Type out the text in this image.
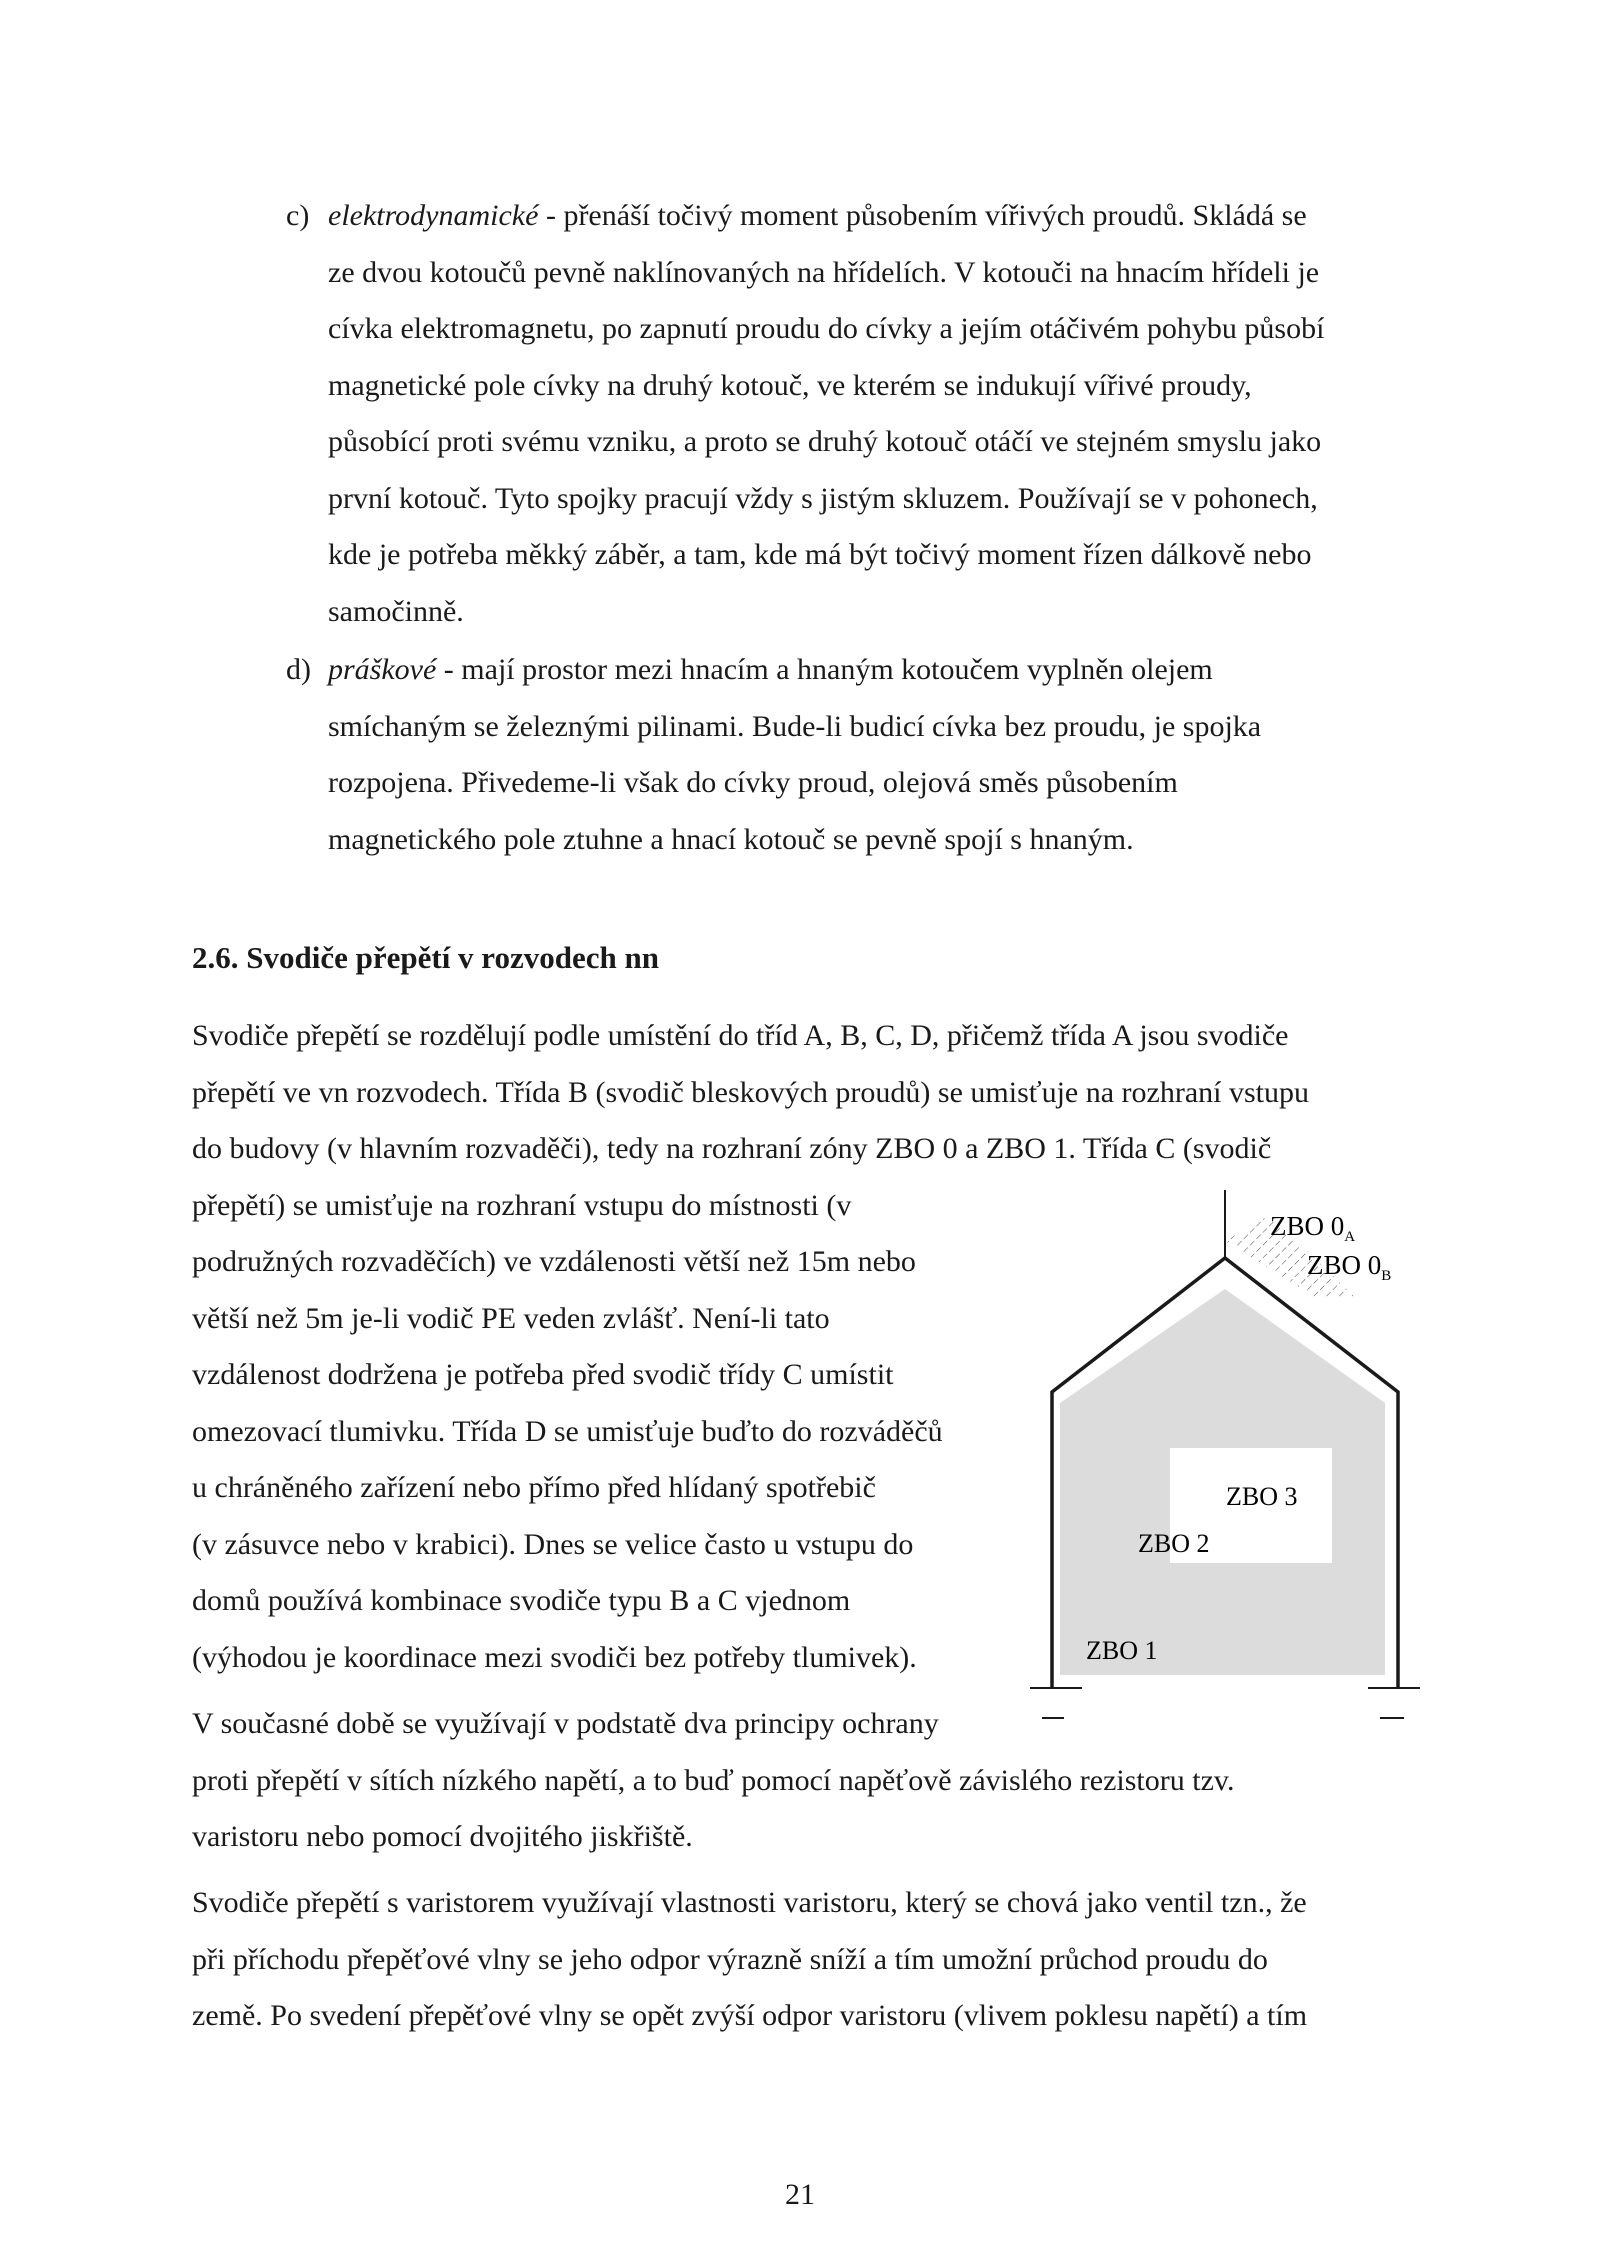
c) elektrodynamické - přenáší točivý moment působením vířivých proudů. Skládá se
ze dvou kotoučů pevně naklínovaných na hřídelích. V kotouči na hnacím hřídeli je
cívka elektromagnetu, po zapnutí proudu do cívky a jejím otáčivém pohybu působí
magnetické pole cívky na druhý kotouč, ve kterém se indukují vířivé proudy,
působící proti svému vzniku, a proto se druhý kotouč otáčí ve stejném smyslu jako
první kotouč. Tyto spojky pracují vždy s jistým skluzem. Používají se v pohonech,
kde je potřeba měkký záběr, a tam, kde má být točivý moment řízen dálkově nebo
samočinně.
d) práškové - mají prostor mezi hnacím a hnaným kotoučem vyplněn olejem
smíchaným se železnými pilinami. Bude-li budicí cívka bez proudu, je spojka
rozpojena. Přivedeme-li však do cívky proud, olejová směs působením
magnetického pole ztuhne a hnací kotouč se pevně spojí s hnaným.
2.6. Svodiče přepětí v rozvodech nn
Svodiče přepětí se rozdělují podle umístění do tříd A, B, C, D, přičemž třída A jsou svodiče
přepětí ve vn rozvodech. Třída B (svodič bleskových proudů) se umisťuje na rozhraní vstupu
do budovy (v hlavním rozvaděči), tedy na rozhraní zóny ZBO 0 a ZBO 1. Třída C (svodič
přepětí) se umisťuje na rozhraní vstupu do místnosti (v
podružných rozvaděčích) ve vzdálenosti větší než 15m nebo
větší než 5m je-li vodič PE veden zvlášť. Není-li tato
vzdálenost dodržena je potřeba před svodič třídy C umístit
omezovací tlumivku. Třída D se umisťuje buďto do rozváděčů
u chráněného zařízení nebo přímo před hlídaný spotřebič
(v zásuvce nebo v krabici). Dnes se velice často u vstupu do
domů používá kombinace svodiče typu B a C vjednom
(výhodou je koordinace mezi svodiči bez potřeby tlumivek).
V současné době se využívají v podstatě dva principy ochrany
proti přepětí v sítích nízkého napětí, a to buď pomocí napěťově závislého rezistoru tzv.
varistoru nebo pomocí dvojitého jiskřiště.
Svodiče přepětí s varistorem využívají vlastnosti varistoru, který se chová jako ventil tzn., že
při příchodu přepěťové vlny se jeho odpor výrazně sníží a tím umožní průchod proudu do
země. Po svedení přepěťové vlny se opět zvýší odpor varistoru (vlivem poklesu napětí) a tím
ZBO $0_A$
ZBO $0_B$
ZBO 3
ZBO 2
ZBO 1
21
